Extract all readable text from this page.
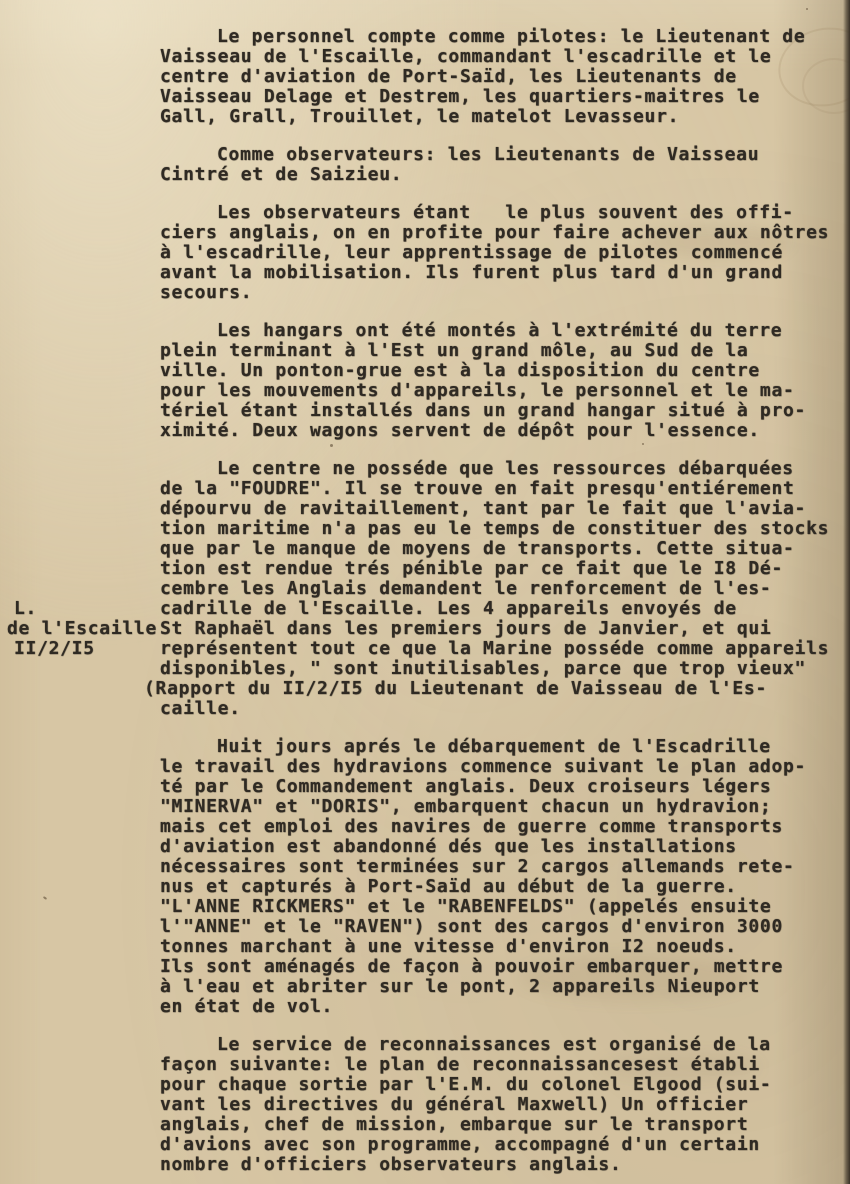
Le personnel compte comme pilotes: le Lieutenant de
Vaisseau de l'Escaille, commandant l'escadrille et le
centre d'aviation de Port-Saïd, les Lieutenants de
Vaisseau Delage et Destrem, les quartiers-maitres le
Gall, Grall, Trouillet, le matelot Levasseur.
Comme observateurs: les Lieutenants de Vaisseau
Cintré et de Saizieu.
Les observateurs étant   le plus souvent des offi-
ciers anglais, on en profite pour faire achever aux nôtres
à l'escadrille, leur apprentissage de pilotes commencé
avant la mobilisation. Ils furent plus tard d'un grand
secours.
Les hangars ont été montés à l'extrémité du terre
plein terminant à l'Est un grand môle, au Sud de la
ville. Un ponton-grue est à la disposition du centre
pour les mouvements d'appareils, le personnel et le ma-
tériel étant installés dans un grand hangar situé à pro-
ximité. Deux wagons servent de dépôt pour l'essence.
Le centre ne posséde que les ressources débarquées
de la "FOUDRE". Il se trouve en fait presqu'entiérement
dépourvu de ravitaillement, tant par le fait que l'avia-
tion maritime n'a pas eu le temps de constituer des stocks
que par le manque de moyens de transports. Cette situa-
tion est rendue trés pénible par ce fait que le I8 Dé-
cembre les Anglais demandent le renforcement de l'es-
cadrille de l'Escaille. Les 4 appareils envoyés de
St Raphaël dans les premiers jours de Janvier, et qui
représentent tout ce que la Marine posséde comme appareils
disponibles, " sont inutilisables, parce que trop vieux"
(Rapport du II/2/I5 du Lieutenant de Vaisseau de l'Es-
caille.
Huit jours aprés le débarquement de l'Escadrille
le travail des hydravions commence suivant le plan adop-
té par le Commandement anglais. Deux croiseurs légers
"MINERVA" et "DORIS", embarquent chacun un hydravion;
mais cet emploi des navires de guerre comme transports
d'aviation est abandonné dés que les installations
nécessaires sont terminées sur 2 cargos allemands rete-
nus et capturés à Port-Saïd au début de la guerre.
"L'ANNE RICKMERS" et le "RABENFELDS" (appelés ensuite
l'"ANNE" et le "RAVEN") sont des cargos d'environ 3000
tonnes marchant à une vitesse d'environ I2 noeuds.
Ils sont aménagés de façon à pouvoir embarquer, mettre
à l'eau et abriter sur le pont, 2 appareils Nieuport
en état de vol.
Le service de reconnaissances est organisé de la
façon suivante: le plan de reconnaissancesest établi
pour chaque sortie par l'E.M. du colonel Elgood (sui-
vant les directives du général Maxwell) Un officier
anglais, chef de mission, embarque sur le transport
d'avions avec son programme, accompagné d'un certain
nombre d'officiers observateurs anglais.
L.
de l'Escaille
II/2/I5
